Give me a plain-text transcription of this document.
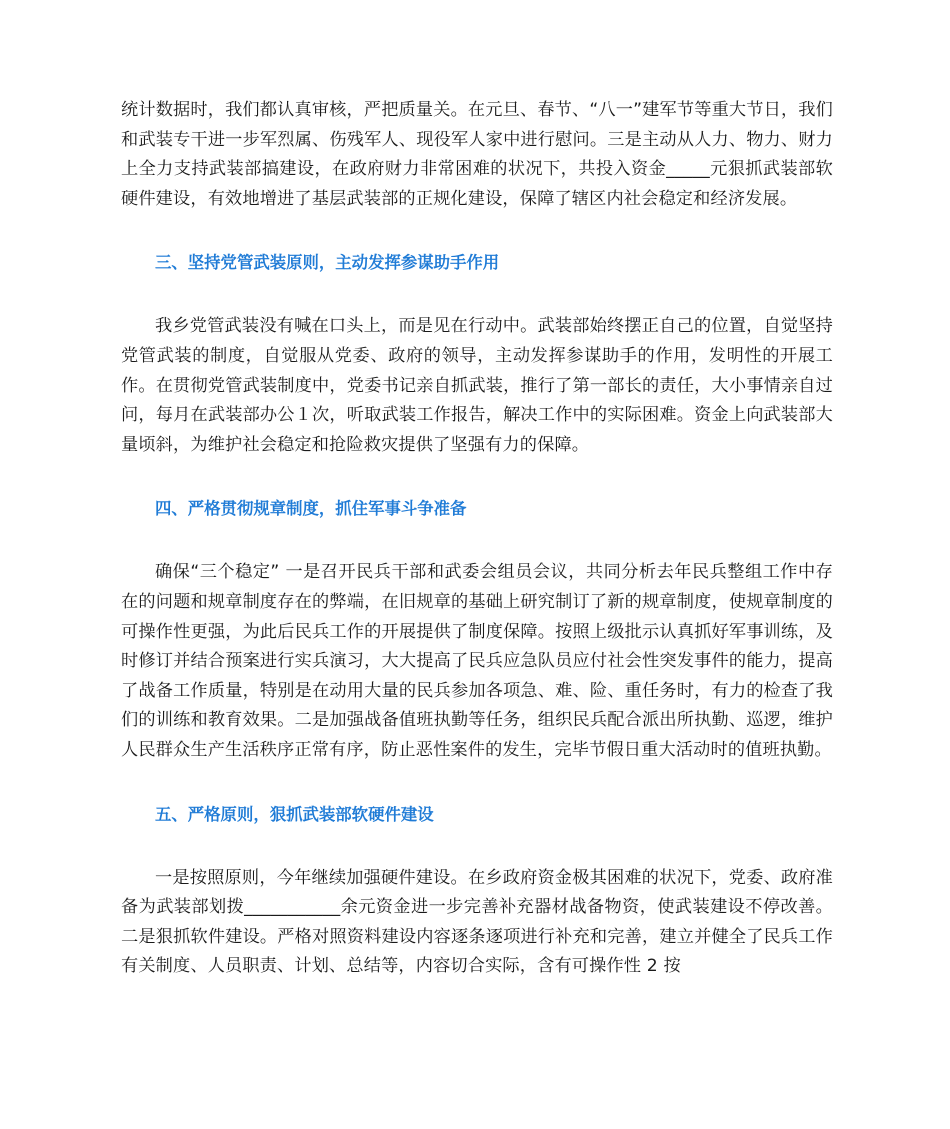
统计数据时，我们都认真审核，严把质量关。在元旦、春节、“八一”建军节等重大节日，我们和武装专干进一步军烈属、伤残军人、现役军人家中进行慰问。三是主动从人力、物力、财力上全力支持武装部搞建设，在政府财力非常困难的状况下，共投入资金_____元狠抓武装部软硬件建设，有效地增进了基层武装部的正规化建设，保障了辖区内社会稳定和经济发展。

三、坚持党管武装原则，主动发挥参谋助手作用

我乡党管武装没有喊在口头上，而是见在行动中。武装部始终摆正自己的位置，自觉坚持党管武装的制度，自觉服从党委、政府的领导，主动发挥参谋助手的作用，发明性的开展工作。在贯彻党管武装制度中，党委书记亲自抓武装，推行了第一部长的责任，大小事情亲自过问，每月在武装部办公１次，听取武装工作报告，解决工作中的实际困难。资金上向武装部大量顷斜，为维护社会稳定和抢险救灾提供了坚强有力的保障。

四、严格贯彻规章制度，抓住军事斗争准备

确保“三个稳定” 一是召开民兵干部和武委会组员会议，共同分析去年民兵整组工作中存在的问题和规章制度存在的弊端，在旧规章的基础上研究制订了新的规章制度，使规章制度的可操作性更强，为此后民兵工作的开展提供了制度保障。按照上级批示认真抓好军事训练，及时修订并结合预案进行实兵演习，大大提高了民兵应急队员应付社会性突发事件的能力，提高了战备工作质量，特别是在动用大量的民兵参加各项急、难、险、重任务时，有力的检查了我们的训练和教育效果。二是加强战备值班执勤等任务，组织民兵配合派出所执勤、巡逻，维护人民群众生产生活秩序正常有序，防止恶性案件的发生，完毕节假日重大活动时的值班执勤。

五、严格原则，狠抓武装部软硬件建设

一是按照原则，今年继续加强硬件建设。在乡政府资金极其困难的状况下，党委、政府准备为武装部划拨___________余元资金进一步完善补充器材战备物资，使武装建设不停改善。二是狠抓软件建设。严格对照资料建设内容逐条逐项进行补充和完善，建立并健全了民兵工作有关制度、人员职责、计划、总结等，内容切合实际，含有可操作性 2 按
